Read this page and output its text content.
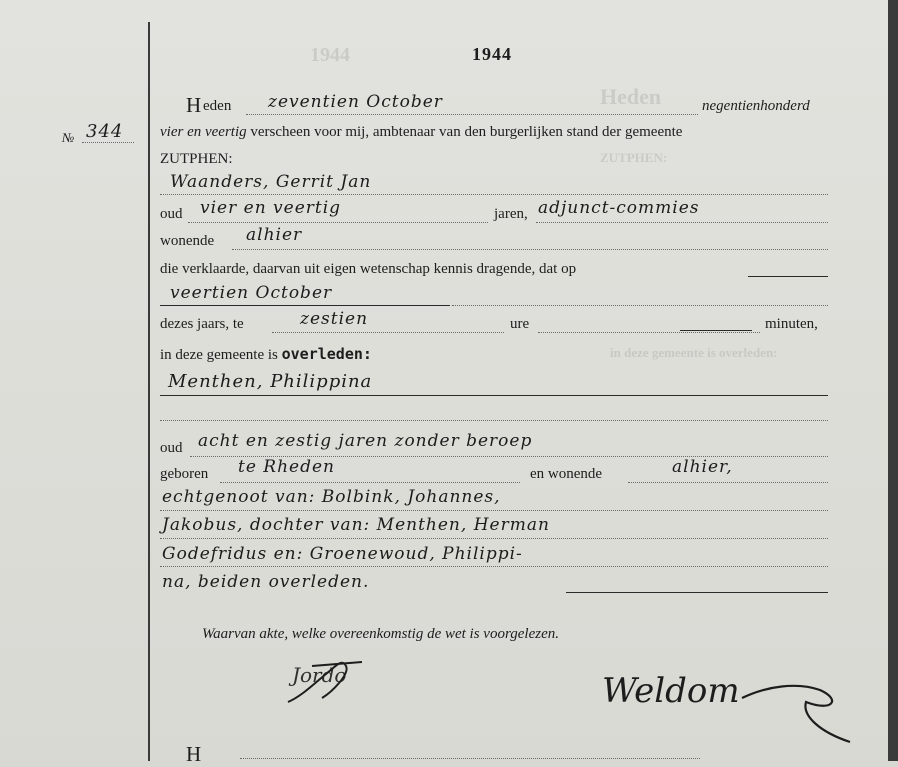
1944
Heden
ZUTPHEN:
in deze gemeente is overleden:
№ 344
1944
H eden zeventien October	negentienhonderd
vier en veertig verscheen voor mij, ambtenaar van den burgerlijken stand der gemeente
ZUTPHEN:
Waanders, Gerrit Jan
oud vier en veertig	jaren, adjunct-commies
wonende alhier
die verklaarde, daarvan uit eigen wetenschap kennis dragende, dat op
veertien October
dezes jaars, te	zestien	ure	minuten,
in deze gemeente is overleden:
Menthen, Philippina
oud acht en zestig jaren zonder beroep
geboren te Rheden	en wonende	alhier,
echtgenoot van: Bolbink, Johannes,
Jakobus, dochter van: Menthen, Herman
Godefridus en: Groenewoud, Philippi-
na, beiden overleden.
Waarvan akte, welke overeenkomstig de wet is voorgelezen.
Jordo	Weldom
H
